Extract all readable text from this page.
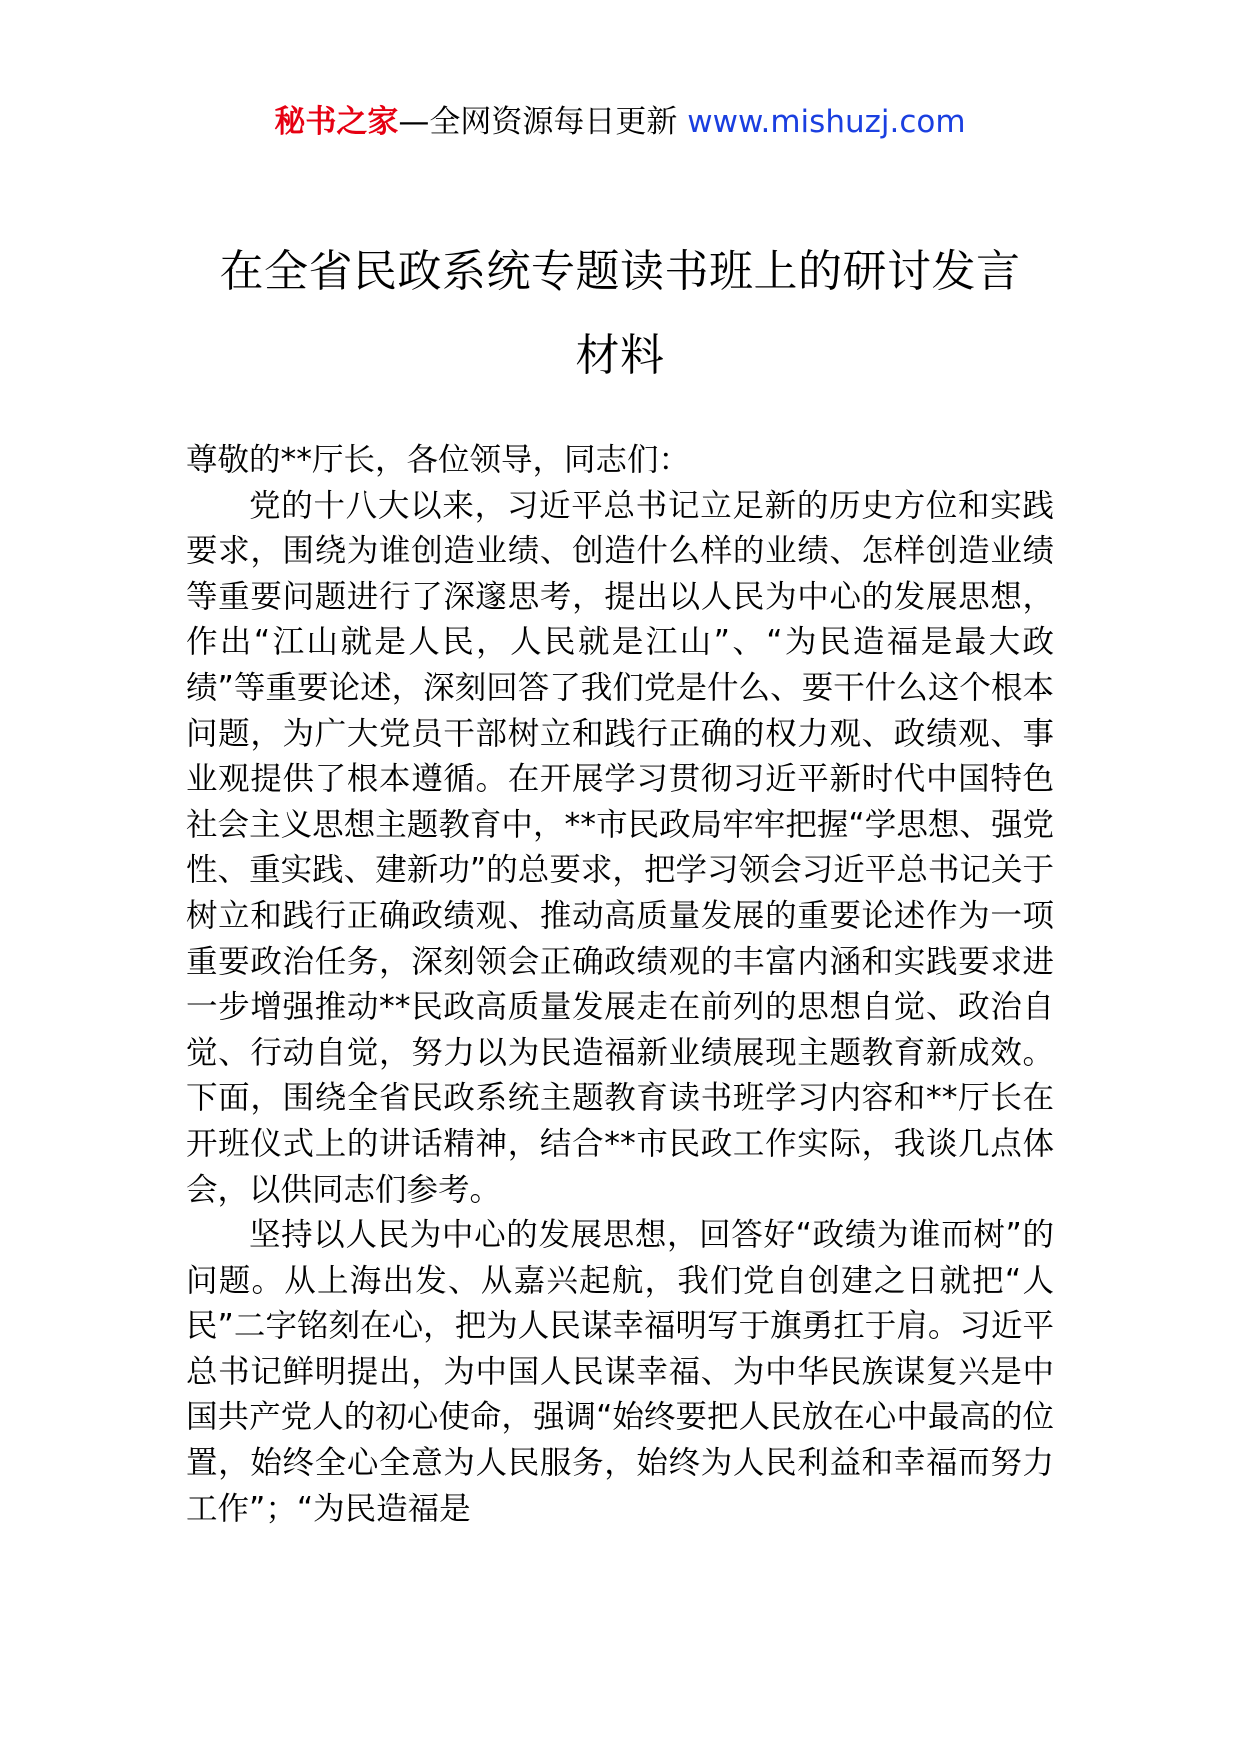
秘书之家—全网资源每日更新 www.mishuzj.com
在全省民政系统专题读书班上的研讨发言
材料

尊敬的**厅长，各位领导，同志们：

党的十八大以来，习近平总书记立足新的历史方位和实践要求，围绕为谁创造业绩、创造什么样的业绩、怎样创造业绩等重要问题进行了深邃思考，提出以人民为中心的发展思想，作出“江山就是人民，人民就是江山”、“为民造福是最大政绩”等重要论述，深刻回答了我们党是什么、要干什么这个根本问题，为广大党员干部树立和践行正确的权力观、政绩观、事业观提供了根本遵循。在开展学习贯彻习近平新时代中国特色社会主义思想主题教育中，**市民政局牢牢把握“学思想、强党性、重实践、建新功”的总要求，把学习领会习近平总书记关于树立和践行正确政绩观、推动高质量发展的重要论述作为一项重要政治任务，深刻领会正确政绩观的丰富内涵和实践要求进一步增强推动**民政高质量发展走在前列的思想自觉、政治自觉、行动自觉，努力以为民造福新业绩展现主题教育新成效。下面，围绕全省民政系统主题教育读书班学习内容和**厅长在开班仪式上的讲话精神，结合**市民政工作实际，我谈几点体会，以供同志们参考。

坚持以人民为中心的发展思想，回答好“政绩为谁而树”的问题。从上海出发、从嘉兴起航，我们党自创建之日就把“人民”二字铭刻在心，把为人民谋幸福明写于旗勇扛于肩。习近平总书记鲜明提出，为中国人民谋幸福、为中华民族谋复兴是中国共产党人的初心使命，强调“始终要把人民放在心中最高的位置，始终全心全意为人民服务，始终为人民利益和幸福而努力工作”；“为民造福是
